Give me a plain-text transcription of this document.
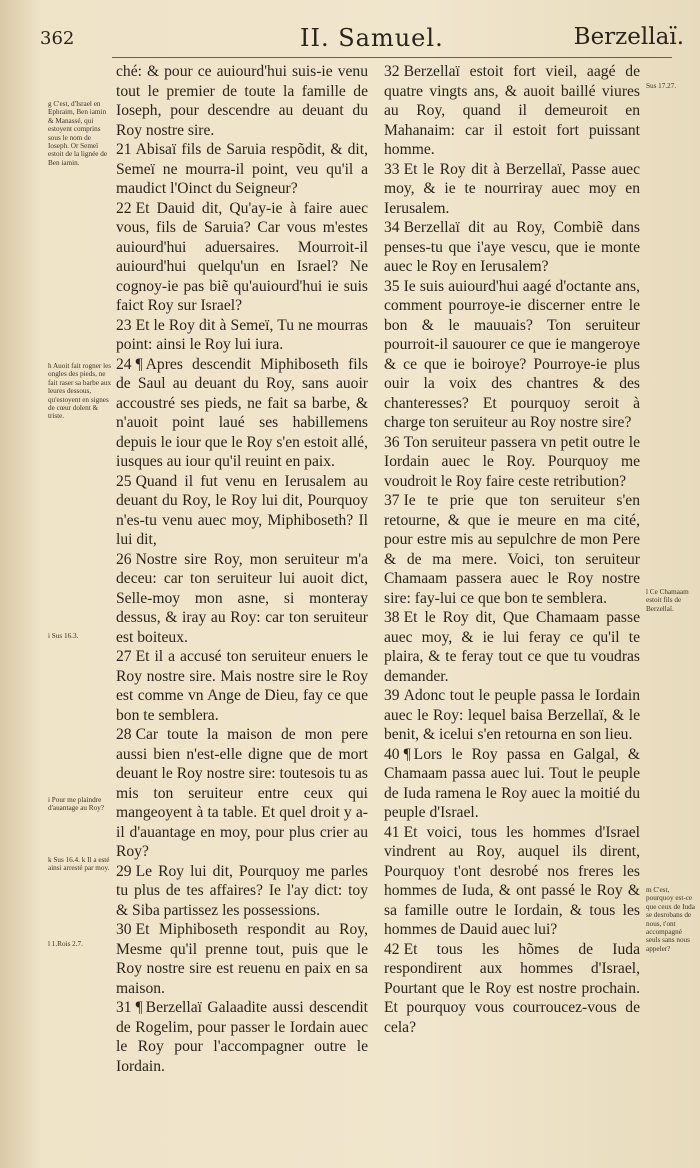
362	II. Samuel.	Berzellaï.

ché: & pour ce auiourd'hui suis-ie venu tout le premier de toute la famille de Ioseph, pour descendre au deuant du Roy nostre sire.

21 Abisaï fils de Saruia respõdit, & dit, Semeï ne mourra-il point, veu qu'il a maudict l'Oinct du Seigneur?

22 Et Dauid dit, Qu'ay-ie à faire auec vous, fils de Saruia? Car vous m'estes auiourd'hui aduersaires. Mourroit-il auiourd'hui quelqu'un en Israel? Ne cognoy-ie pas biẽ qu'auiourd'hui ie suis faict Roy sur Israel?

23 Et le Roy dit à Semeï, Tu ne mourras point: ainsi le Roy lui iura.

24 ¶ Apres descendit Miphiboseth fils de Saul au deuant du Roy, sans auoir accoustré ses pieds, ne fait sa barbe, & n'auoit point laué ses habillemens depuis le iour que le Roy s'en estoit allé, iusques au iour qu'il reuint en paix.

25 Quand il fut venu en Ierusalem au deuant du Roy, le Roy lui dit, Pourquoy n'es-tu venu auec moy, Miphiboseth? Il lui dit,

26 Nostre sire Roy, mon seruiteur m'a deceu: car ton seruiteur lui auoit dict, Selle-moy mon asne, si monteray dessus, & iray au Roy: car ton seruiteur est boiteux.

27 Et il a accusé ton seruiteur enuers le Roy nostre sire. Mais nostre sire le Roy est comme vn Ange de Dieu, fay ce que bon te semblera.

28 Car toute la maison de mon pere aussi bien n'est-elle digne que de mort deuant le Roy nostre sire: toutesois tu as mis ton seruiteur entre ceux qui mangeoyent à ta table. Et quel droit y a-il d'auantage en moy, pour plus crier au Roy?

29 Le Roy lui dit, Pourquoy me parles tu plus de tes affaires? Ie l'ay dict: toy & Siba partissez les possessions.

30 Et Miphiboseth respondit au Roy, Mesme qu'il prenne tout, puis que le Roy nostre sire est reuenu en paix en sa maison.

31 ¶ Berzellaï Galaadite aussi descendit de Rogelim, pour passer le Iordain auec le Roy pour l'accompagner outre le Iordain.

32 Berzellaï estoit fort vieil, aagé de quatre vingts ans, & auoit baillé viures au Roy, quand il demeuroit en Mahanaim: car il estoit fort puissant homme.

33 Et le Roy dit à Berzellaï, Passe auec moy, & ie te nourriray auec moy en Ierusalem.

34 Berzellaï dit au Roy, Combiẽ dans penses-tu que i'aye vescu, que ie monte auec le Roy en Ierusalem?

35 Ie suis auiourd'hui aagé d'octante ans, comment pourroye-ie discerner entre le bon & le mauuais? Ton seruiteur pourroit-il sauourer ce que ie mangeroye & ce que ie boiroye? Pourroye-ie plus ouir la voix des chantres & des chanteresses? Et pourquoy seroit à charge ton seruiteur au Roy nostre sire?

36 Ton seruiteur passera vn petit outre le Iordain auec le Roy. Pourquoy me voudroit le Roy faire ceste retribution?

37 Ie te prie que ton seruiteur s'en retourne, & que ie meure en ma cité, pour estre mis au sepulchre de mon Pere & de ma mere. Voici, ton seruiteur Chamaam passera auec le Roy nostre sire: fay-lui ce que bon te semblera.

38 Et le Roy dit, Que Chamaam passe auec moy, & ie lui feray ce qu'il te plaira, & te feray tout ce que tu voudras demander.

39 Adonc tout le peuple passa le Iordain auec le Roy: lequel baisa Berzellaï, & le benit, & icelui s'en retourna en son lieu.

40 ¶ Lors le Roy passa en Galgal, & Chamaam passa auec lui. Tout le peuple de Iuda ramena le Roy auec la moitié du peuple d'Israel.

41 Et voici, tous les hommes d'Israel vindrent au Roy, auquel ils dirent, Pourquoy t'ont desrobé nos freres les hommes de Iuda, & ont passé le Roy & sa famille outre le Iordain, & tous les hommes de Dauid auec lui?

42 Et tous les hõmes de Iuda respondirent aux hommes d'Israel, Pourtant que le Roy est nostre prochain. Et pourquoy vous courroucez-vous de cela?

g C'est, d'Israel en Ephraim, Ben iamin & Manassé, qui estoyent comprins sous le nom de Ioseph. Or Semeï estoit de la lignée de Ben iamin.
h Auoit fait rogner les ongles des pieds, ne fait raser sa barbe aux leures dessous, qu'estoyent en signes de cœur dolent & triste.
i Sus 16.3.
i Pour me plaindre d'auantage au Roy?
k Sus 16.4. k Il a esté ainsi arresté par moy.
l 1.Rois 2.7.
Sus 17.27.
l Ce Chamaam estoit fils de Berzellaï.
m C'est, pourquoy est-ce que ceux de Iuda se desrobans de nous, t'ont accompagné seuls sans nous appeler?
